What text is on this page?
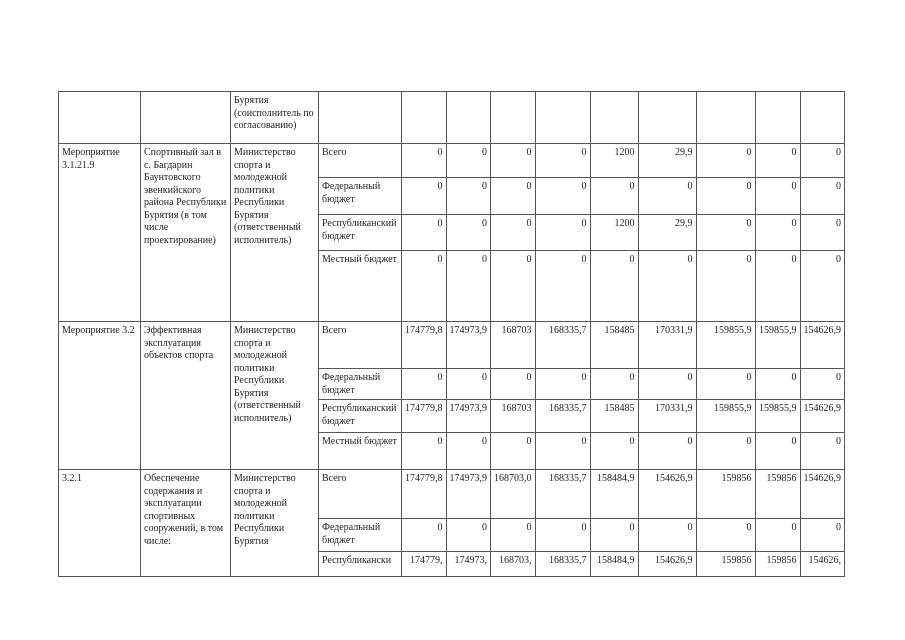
		Бурятия (соисполнитель по согласованию)										
Мероприятие 3.1.21.9	Спортивный зал в с. Багдарин Баунтовского эвенкийского района Республики Бурятия (в том числе проектирование)	Министерство спорта и молодежной политики Республики Бурятия (ответственный исполнитель)	Всего	0	0	0	0	1200	29,9	0	0	0
			Федеральный бюджет	0	0	0	0	0	0	0	0	0
			Республиканский бюджет	0	0	0	0	1200	29,9	0	0	0
			Местный бюджет	0	0	0	0	0	0	0	0	0
Мероприятие 3.2	Эффективная эксплуатация объектов спорта	Министерство спорта и молодежной политики Республики Бурятия (ответственный исполнитель)	Всего	174779,8	174973,9	168703	168335,7	158485	170331,9	159855,9	159855,9	154626,9
			Федеральный бюджет	0	0	0	0	0	0	0	0	0
			Республиканский бюджет	174779,8	174973,9	168703	168335,7	158485	170331,9	159855,9	159855,9	154626,9
			Местный бюджет	0	0	0	0	0	0	0	0	0
3.2.1	Обеспечение содержания и эксплуатации спортивных сооружений, в том числе:	Министерство спорта и молодежной политики Республики Бурятия	Всего	174779,8	174973,9	168703,0	168335,7	158484,9	154626,9	159856	159856	154626,9
			Федеральный бюджет	0	0	0	0	0	0	0	0	0
			Республикански	174779,	174973,	168703,	168335,7	158484,9	154626,9	159856	159856	154626,
